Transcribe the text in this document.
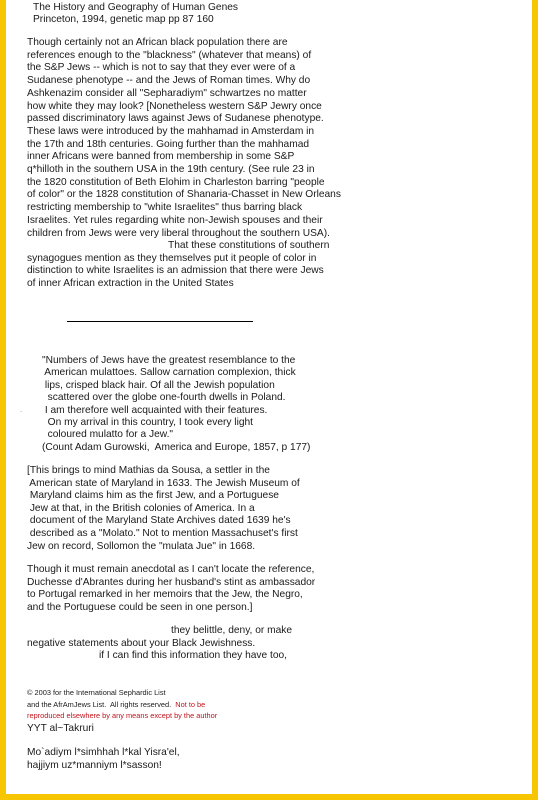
The History and Geography of Human Genes

Princeton, 1994, genetic map pp 87 160

Though certainly not an African black population there are

references enough to the "blackness" (whatever that means) of

the S&P Jews -- which is not to say that they ever were of a

Sudanese phenotype -- and the Jews of Roman times. Why do

Ashkenazim consider all "Sepharadiym" schwartzes no matter

how white they may look? [Nonetheless western S&P Jewry once

passed discriminatory laws against Jews of Sudanese phenotype.

These laws were introduced by the mahhamad in Amsterdam in

the 17th and 18th centuries. Going further than the mahhamad

inner Africans were banned from membership in some S&P

q*hilloth in the southern USA in the 19th century. (See rule 23 in

the 1820 constitution of Beth Elohim in Charleston barring "people

of color" or the 1828 constitution of Shanaria-Chasset in New Orleans

restricting membership to "white Israelites" thus barring black

Israelites. Yet rules regarding white non-Jewish spouses and their

children from Jews were very liberal throughout the southern USA).

That these constitutions of southern

synagogues mention as they themselves put it people of color in

distinction to white Israelites is an admission that there were Jews

of inner African extraction in the United States

"Numbers of Jews have the greatest resemblance to the

American mulattoes. Sallow carnation complexion, thick

lips, crisped black hair. Of all the Jewish population

scattered over the globe one-fourth dwells in Poland.

I am therefore well acquainted with their features.

On my arrival in this country, I took every light

coloured mulatto for a Jew."

(Count Adam Gurowski,  America and Europe, 1857, p 177)

.

[This brings to mind Mathias da Sousa, a settler in the

American state of Maryland in 1633. The Jewish Museum of

Maryland claims him as the first Jew, and a Portuguese

Jew at that, in the British colonies of America. In a

document of the Maryland State Archives dated 1639 he's

described as a "Molato." Not to mention Massachuset's first

Jew on record, Sollomon the "mulata Jue" in 1668.

Though it must remain anecdotal as I can't locate the reference,

Duchesse d'Abrantes during her husband's stint as ambassador

to Portugal remarked in her memoirs that the Jew, the Negro,

and the Portuguese could be seen in one person.]

they belittle, deny, or make

negative statements about your Black Jewishness.

if I can find this information they have too,

© 2003 for the International Sephardic List

and the AfrAmJews List.  All rights reserved.  Not to be

reproduced elsewhere by any means except by the author

YYT al~Takruri

Mo`adiym l*simhhah l*kal Yisra'el,

hajjiym uz*manniym l*sasson!
